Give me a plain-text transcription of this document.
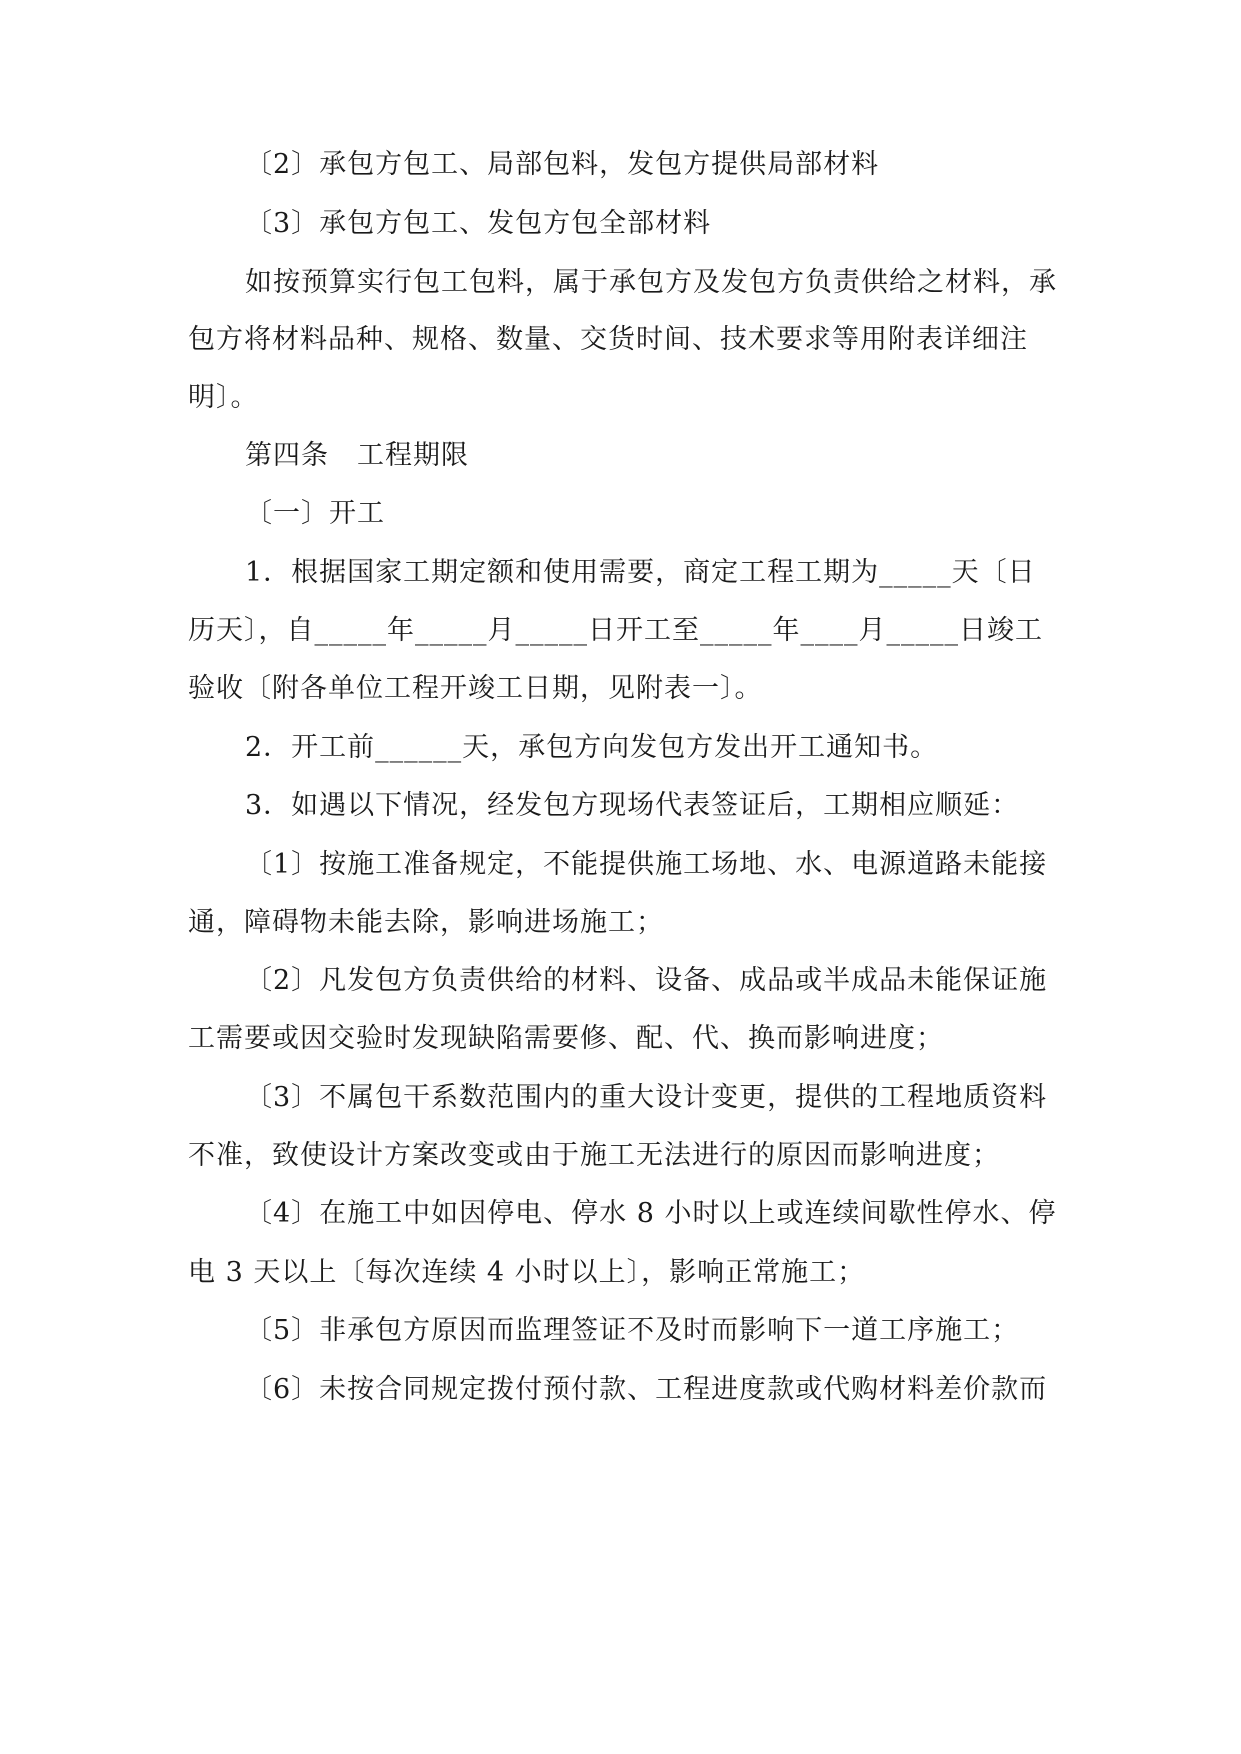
〔2〕承包方包工、局部包料，发包方提供局部材料
〔3〕承包方包工、发包方包全部材料
如按预算实行包工包料，属于承包方及发包方负责供给之材料，承
包方将材料品种、规格、数量、交货时间、技术要求等用附表详细注
明〕。
第四条　工程期限
〔一〕开工
1．根据国家工期定额和使用需要，商定工程工期为_____天〔日
历天〕，自_____年_____月_____日开工至_____年____月_____日竣工
验收〔附各单位工程开竣工日期，见附表一〕。
2．开工前______天，承包方向发包方发出开工通知书。
3．如遇以下情况，经发包方现场代表签证后，工期相应顺延：
〔1〕按施工准备规定，不能提供施工场地、水、电源道路未能接
通，障碍物未能去除，影响进场施工；
〔2〕凡发包方负责供给的材料、设备、成品或半成品未能保证施
工需要或因交验时发现缺陷需要修、配、代、换而影响进度；
〔3〕不属包干系数范围内的重大设计变更，提供的工程地质资料
不准，致使设计方案改变或由于施工无法进行的原因而影响进度；
〔4〕在施工中如因停电、停水 8 小时以上或连续间歇性停水、停
电 3 天以上〔每次连续 4 小时以上〕，影响正常施工；
〔5〕非承包方原因而监理签证不及时而影响下一道工序施工；
〔6〕未按合同规定拨付预付款、工程进度款或代购材料差价款而
